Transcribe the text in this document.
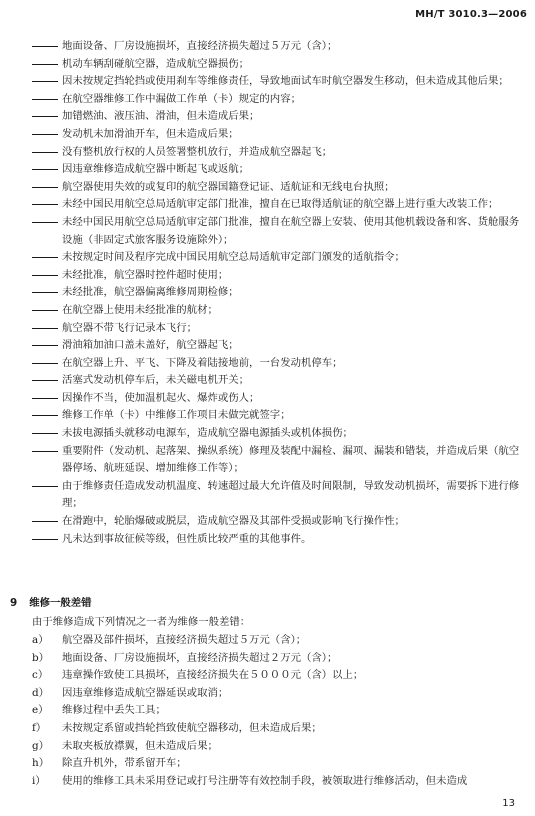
MH/T 3010.3—2006
地面设备、厂房设施损坏，直接经济损失超过５万元（含）；
机动车辆刮碰航空器，造成航空器损伤；
因未按规定挡轮挡或使用刹车等维修责任，导致地面试车时航空器发生移动，但未造成其他后果；
在航空器维修工作中漏做工作单（卡）规定的内容；
加错燃油、液压油、滑油，但未造成后果；
发动机未加滑油开车，但未造成后果；
没有整机放行权的人员签署整机放行，并造成航空器起飞；
因违章维修造成航空器中断起飞或返航；
航空器使用失效的或复印的航空器国籍登记证、适航证和无线电台执照；
未经中国民用航空总局适航审定部门批准，擅自在已取得适航证的航空器上进行重大改装工作；
未经中国民用航空总局适航审定部门批准，擅自在航空器上安装、使用其他机载设备和客、货舱服务设施（非固定式旅客服务设施除外）；
未按规定时间及程序完成中国民用航空总局适航审定部门颁发的适航指令；
未经批准，航空器时控件超时使用；
未经批准，航空器偏离维修周期检修；
在航空器上使用未经批准的航材；
航空器不带飞行记录本飞行；
滑油箱加油口盖未盖好，航空器起飞；
在航空器上升、平飞、下降及着陆接地前，一台发动机停车；
活塞式发动机停车后，未关磁电机开关；
因操作不当，使加温机起火、爆炸或伤人；
维修工作单（卡）中维修工作项目未做完就签字；
未拔电源插头就移动电源车，造成航空器电源插头或机体损伤；
重要附件（发动机、起落架、操纵系统）修理及装配中漏检、漏项、漏装和错装，并造成后果（航空器停场、航班延误、增加维修工作等）；
由于维修责任造成发动机温度、转速超过最大允许值及时间限制，导致发动机损坏，需要拆下进行修理；
在滑跑中，轮胎爆破或脱层，造成航空器及其部件受损或影响飞行操作性；
凡未达到事故征候等级，但性质比较严重的其他事件。
9 维修一般差错
由于维修造成下列情况之一者为维修一般差错：
a） 航空器及部件损坏，直接经济损失超过５万元（含）；
b） 地面设备、厂房设施损坏，直接经济损失超过２万元（含）；
c） 违章操作致使工具损坏，直接经济损失在５０００元（含）以上；
d） 因违章维修造成航空器延误或取消；
e） 维修过程中丢失工具；
f） 未按规定系留或挡轮挡致使航空器移动，但未造成后果；
g） 未取夹板放襟翼，但未造成后果；
h） 除直升机外，带系留开车；
i） 使用的维修工具未采用登记或打号注册等有效控制手段，被领取进行维修活动，但未造成
13
